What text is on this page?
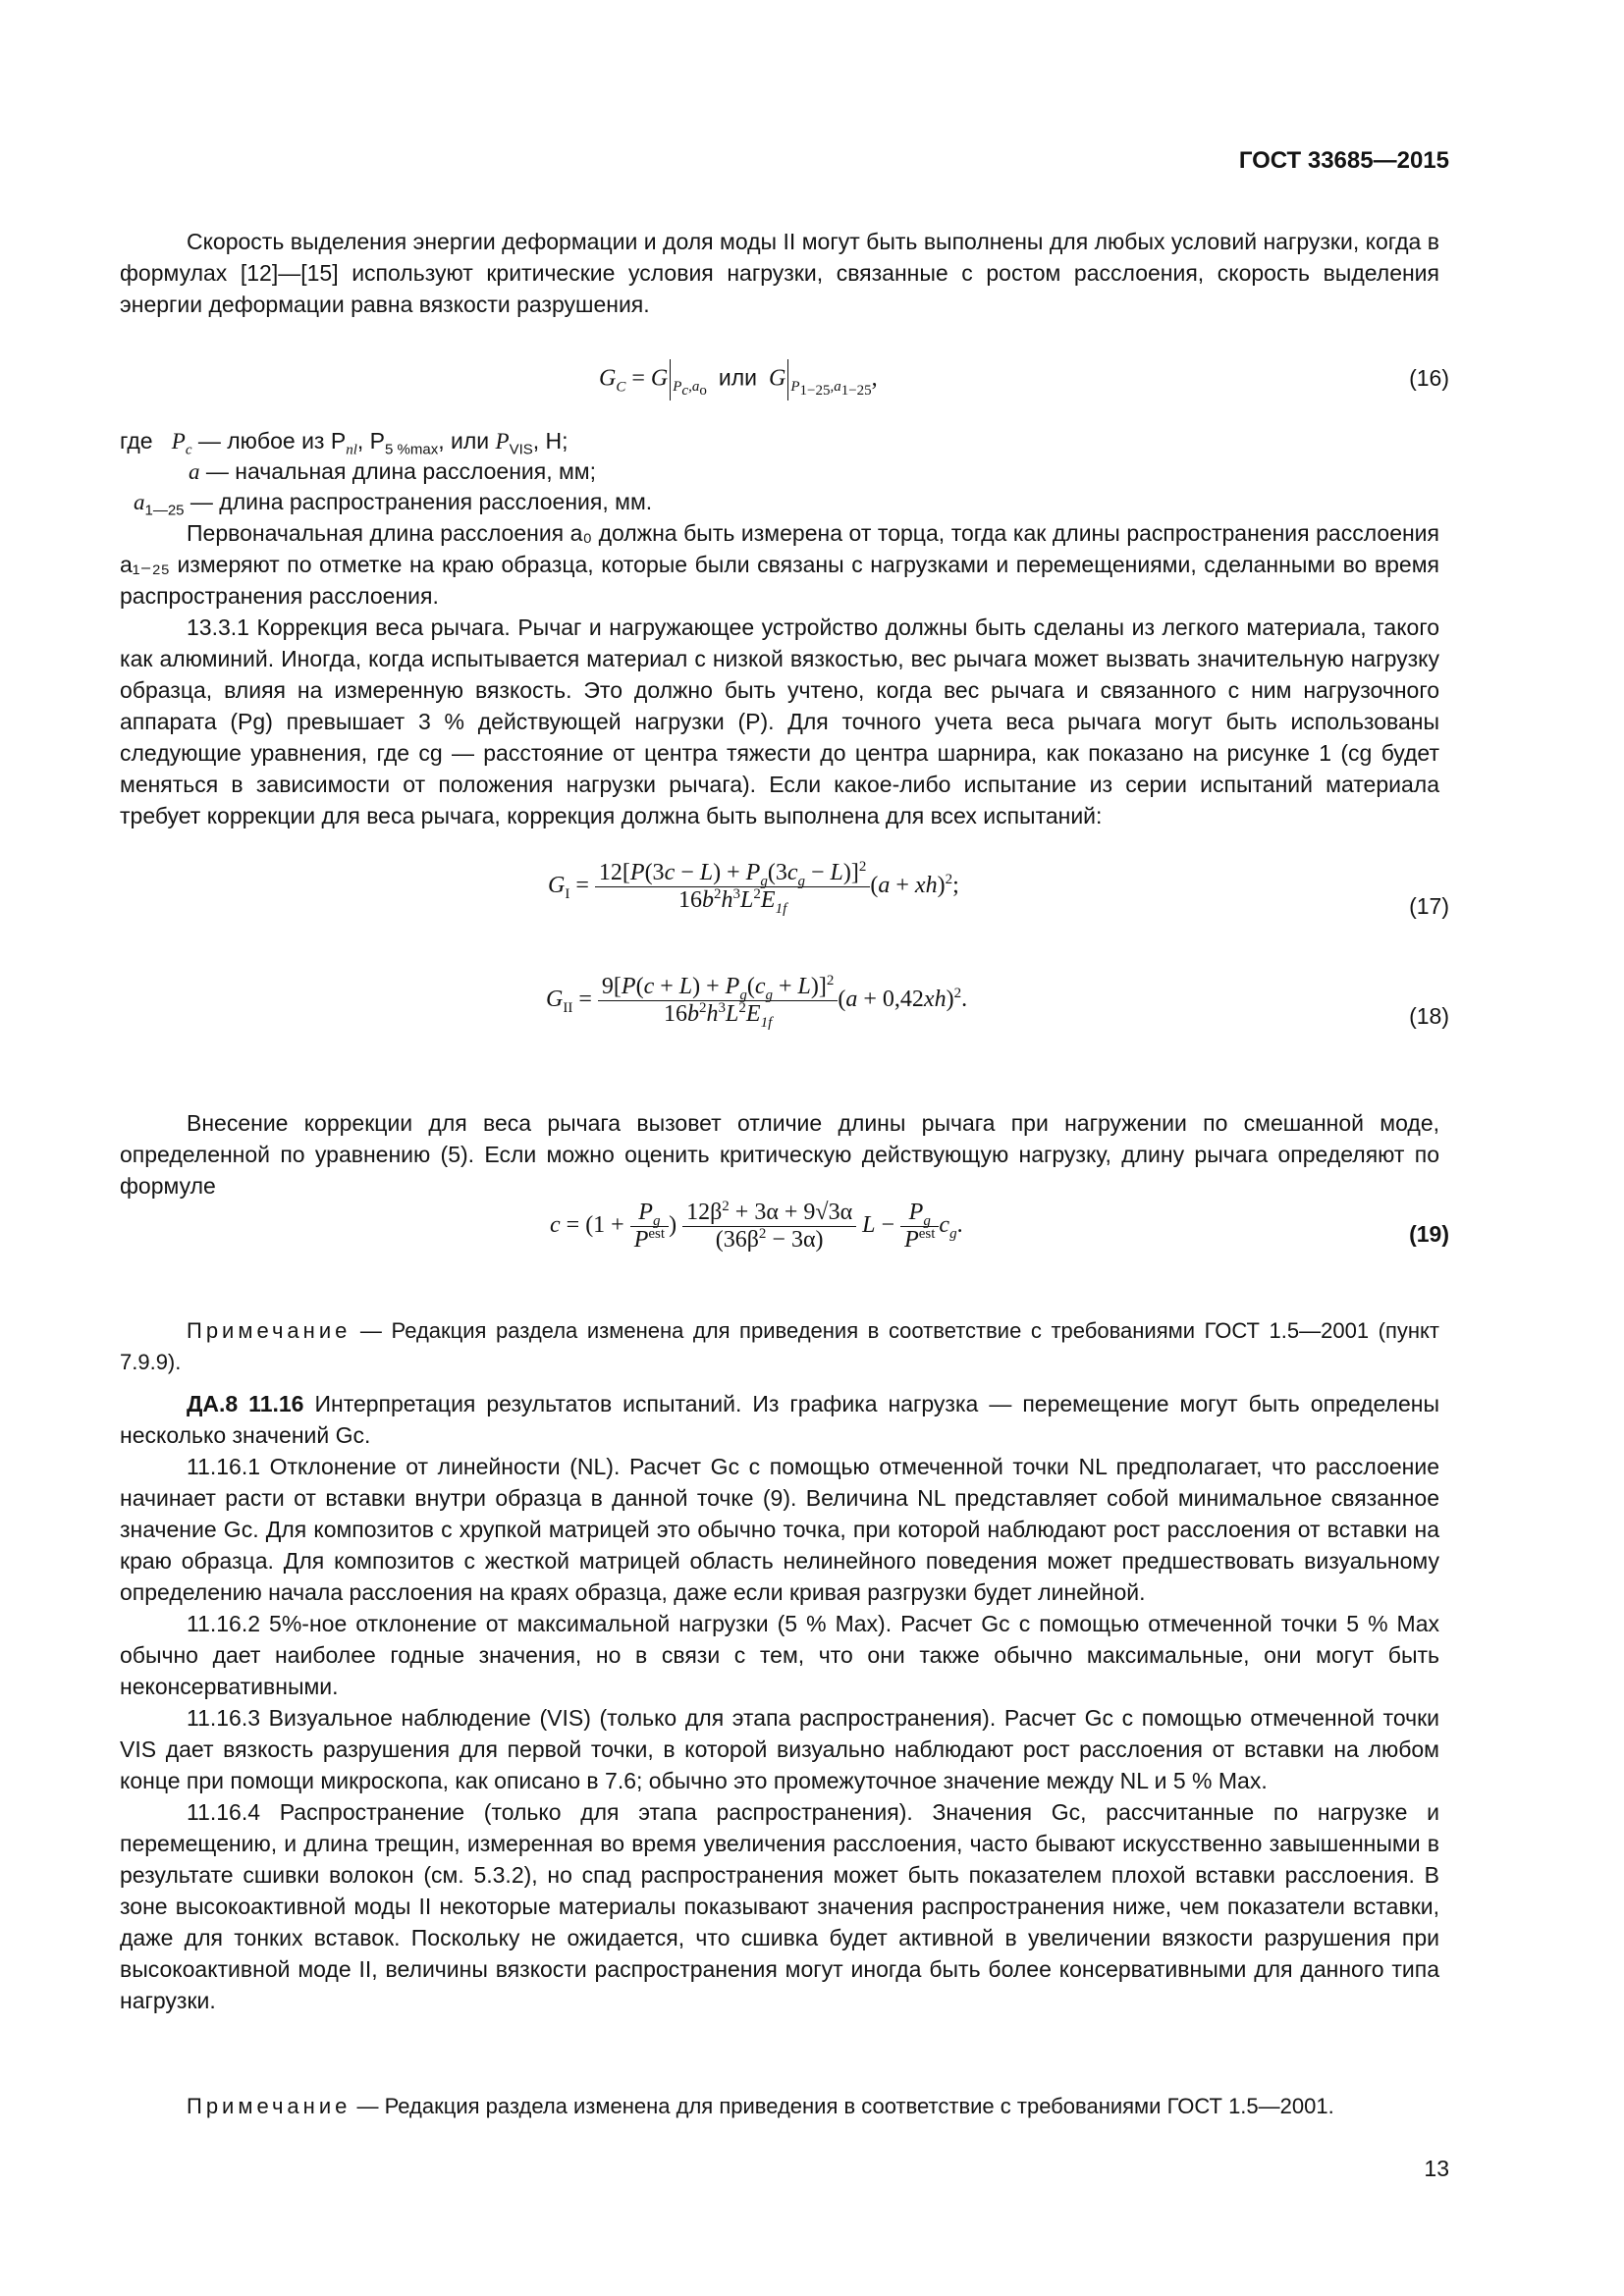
ГОСТ 33685—2015

Скорость выделения энергии деформации и доля моды II могут быть выполнены для любых условий нагрузки, когда в формулах [12]—[15] используют критические условия нагрузки, связанные с ростом расслоения, скорость выделения энергии деформации равна вязкости разрушения.

$G_C = G$ $_{P_c,a_o}$  или G $_{P_{1-25},a_{1-25}}$,	(16)
где $P_c$ — любое из $P_{nl}$, $P_{5 \%max}$, или $P_{VIS}$, Н;
a — начальная длина расслоения, мм;
$a_{1—25}$ — длина распространения расслоения, мм.

Первоначальная длина расслоения a₀ должна быть измерена от торца, тогда как длины распространения расслоения a₁₋₂₅ измеряют по отметке на краю образца, которые были связаны с нагрузками и перемещениями, сделанными во время распространения расслоения.

13.3.1 Коррекция веса рычага. Рычаг и нагружающее устройство должны быть сделаны из легкого материала, такого как алюминий. Иногда, когда испытывается материал с низкой вязкостью, вес рычага может вызвать значительную нагрузку образца, влияя на измеренную вязкость. Это должно быть учтено, когда вес рычага и связанного с ним нагрузочного аппарата (Pg) превышает 3 % действующей нагрузки (P). Для точного учета веса рычага могут быть использованы следующие уравнения, где cg — расстояние от центра тяжести до центра шарнира, как показано на рисунке 1 (cg будет меняться в зависимости от положения нагрузки рычага). Если какое-либо испытание из серии испытаний материала требует коррекции для веса рычага, коррекция должна быть выполнена для всех испытаний:

$G_I = \frac{12[P(3c - L) + P_g(3c_g - L)]^2}{16b^2h^3L^2E_{1f}} (a + xh)^2$;
(17)
$G_{II} = \frac{9[P(c + L) + P_g(c_g + L)]^2}{16b^2h^3L^2E_{1f}} (a + 0,42xh)^2$.
(18)

Внесение коррекции для веса рычага вызовет отличие длины рычага при нагружении по смешанной моде, определенной по уравнению (5). Если можно оценить критическую действующую нагрузку, длину рычага определяют по формуле

$c = (1 + \frac{P_g}{P^{est}}$ ) $\frac{12\beta^2 + 3\alpha + 9√3\alpha}{(36\beta^2 - 3\alpha)}$ $L - \frac{P_g}{P^{est}} c_g$.	(19)

Примечание — Редакция раздела изменена для приведения в соответствие с требованиями ГОСТ 1.5—2001 (пункт 7.9.9).

ДА.8 11.16 Интерпретация результатов испытаний. Из графика нагрузка — перемещение могут быть определены несколько значений Gc.

11.16.1 Отклонение от линейности (NL). Расчет Gc с помощью отмеченной точки NL предполагает, что расслоение начинает расти от вставки внутри образца в данной точке (9). Величина NL представляет собой минимальное связанное значение Gc. Для композитов с хрупкой матрицей это обычно точка, при которой наблюдают рост расслоения от вставки на краю образца. Для композитов с жесткой матрицей область нелинейного поведения может предшествовать визуальному определению начала расслоения на краях образца, даже если кривая разгрузки будет линейной.

11.16.2 5%-ное отклонение от максимальной нагрузки (5 % Max). Расчет Gc с помощью отмеченной точки 5 % Max обычно дает наиболее годные значения, но в связи с тем, что они также обычно максимальные, они могут быть неконсервативными.

11.16.3 Визуальное наблюдение (VIS) (только для этапа распространения). Расчет Gc с помощью отмеченной точки VIS дает вязкость разрушения для первой точки, в которой визуально наблюдают рост расслоения от вставки на любом конце при помощи микроскопа, как описано в 7.6; обычно это промежуточное значение между NL и 5 % Max.

11.16.4 Распространение (только для этапа распространения). Значения Gc, рассчитанные по нагрузке и перемещению, и длина трещин, измеренная во время увеличения расслоения, часто бывают искусственно завышенными в результате сшивки волокон (см. 5.3.2), но спад распространения может быть показателем плохой вставки расслоения. В зоне высокоактивной моды II некоторые материалы показывают значения распространения ниже, чем показатели вставки, даже для тонких вставок. Поскольку не ожидается, что сшивка будет активной в увеличении вязкости разрушения при высокоактивной моде II, величины вязкости распространения могут иногда быть более консервативными для данного типа нагрузки.

Примечание — Редакция раздела изменена для приведения в соответствие с требованиями ГОСТ 1.5—2001.

13
